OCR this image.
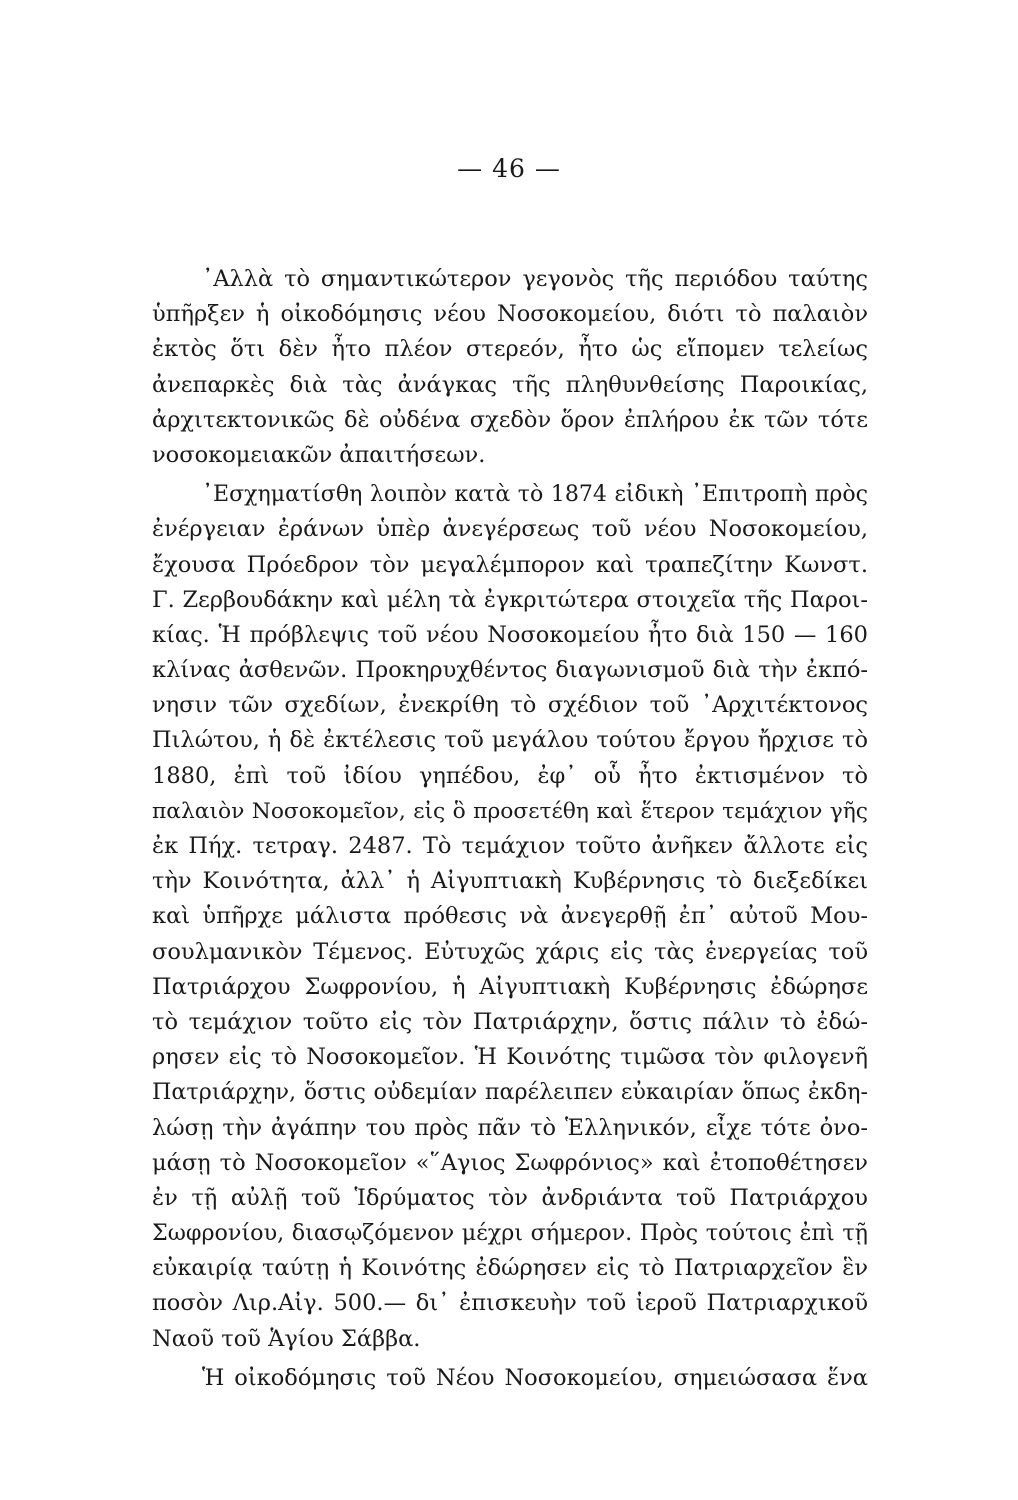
— 46 —
᾿Αλλὰ τὸ σημαντικώτερον γεγονὸς τῆς περιόδου ταύτης
ὑπῆρξεν ἡ οἰκοδόμησις νέου Νοσοκομείου, διότι τὸ παλαιὸν
ἐκτὸς ὅτι δὲν ἦτο πλέον στερεόν, ἦτο ὡς εἴπομεν τελείως
ἀνεπαρκὲς διὰ τὰς ἀνάγκας τῆς πληθυνθείσης Παροικίας,
ἀρχιτεκτονικῶς δὲ οὐδένα σχεδὸν ὅρον ἐπλήρου ἐκ τῶν τότε
νοσοκομειακῶν ἀπαιτήσεων.
᾿Εσχηματίσθη λοιπὸν κατὰ τὸ 1874 εἰδικὴ ᾿Επιτροπὴ πρὸς
ἐνέργειαν ἐράνων ὑπὲρ ἀνεγέρσεως τοῦ νέου Νοσοκομείου,
ἔχουσα Πρόεδρον τὸν μεγαλέμπορον καὶ τραπεζίτην Κωνστ.
Γ. Ζερβουδάκην καὶ μέλη τὰ ἐγκριτώτερα στοιχεῖα τῆς Παροι-
κίας. Ἡ πρόβλεψις τοῦ νέου Νοσοκομείου ἦτο διὰ 150 — 160
κλίνας ἀσθενῶν. Προκηρυχθέντος διαγωνισμοῦ διὰ τὴν ἐκπό-
νησιν τῶν σχεδίων, ἐνεκρίθη τὸ σχέδιον τοῦ ᾿Αρχιτέκτονος
Πιλώτου, ἡ δὲ ἐκτέλεσις τοῦ μεγάλου τούτου ἔργου ἤρχισε τὸ
1880, ἐπὶ τοῦ ἰδίου γηπέδου, ἐφ᾿ οὗ ἦτο ἐκτισμένον τὸ
παλαιὸν Νοσοκομεῖον, εἰς ὃ προσετέθη καὶ ἕτερον τεμάχιον γῆς
ἐκ Πήχ. τετραγ. 2487. Τὸ τεμάχιον τοῦτο ἀνῆκεν ἄλλοτε εἰς
τὴν Κοινότητα, ἀλλ᾿ ἡ Αἰγυπτιακὴ Κυβέρνησις τὸ διεξεδίκει
καὶ ὑπῆρχε μάλιστα πρόθεσις νὰ ἀνεγερθῇ ἐπ᾿ αὐτοῦ Μου-
σουλμανικὸν Τέμενος. Εὐτυχῶς χάρις εἰς τὰς ἐνεργείας τοῦ
Πατριάρχου Σωφρονίου, ἡ Αἰγυπτιακὴ Κυβέρνησις ἐδώρησε
τὸ τεμάχιον τοῦτο εἰς τὸν Πατριάρχην, ὅστις πάλιν τὸ ἐδώ-
ρησεν εἰς τὸ Νοσοκομεῖον. Ἡ Κοινότης τιμῶσα τὸν φιλογενῆ
Πατριάρχην, ὅστις οὐδεμίαν παρέλειπεν εὐκαιρίαν ὅπως ἐκδη-
λώσῃ τὴν ἀγάπην του πρὸς πᾶν τὸ Ἑλληνικόν, εἶχε τότε ὀνο-
μάσῃ τὸ Νοσοκομεῖον «῞Αγιος Σωφρόνιος» καὶ ἐτοποθέτησεν
ἐν τῇ αὐλῇ τοῦ Ἱδρύματος τὸν ἀνδριάντα τοῦ Πατριάρχου
Σωφρονίου, διασῳζόμενον μέχρι σήμερον. Πρὸς τούτοις ἐπὶ τῇ
εὐκαιρίᾳ ταύτῃ ἡ Κοινότης ἐδώρησεν εἰς τὸ Πατριαρχεῖον ἓν
ποσὸν Λιρ.Αἰγ. 500.— δι᾿ ἐπισκευὴν τοῦ ἱεροῦ Πατριαρχικοῦ
Ναοῦ τοῦ Ἁγίου Σάββα.
Ἡ οἰκοδόμησις τοῦ Νέου Νοσοκομείου, σημειώσασα ἕνα
